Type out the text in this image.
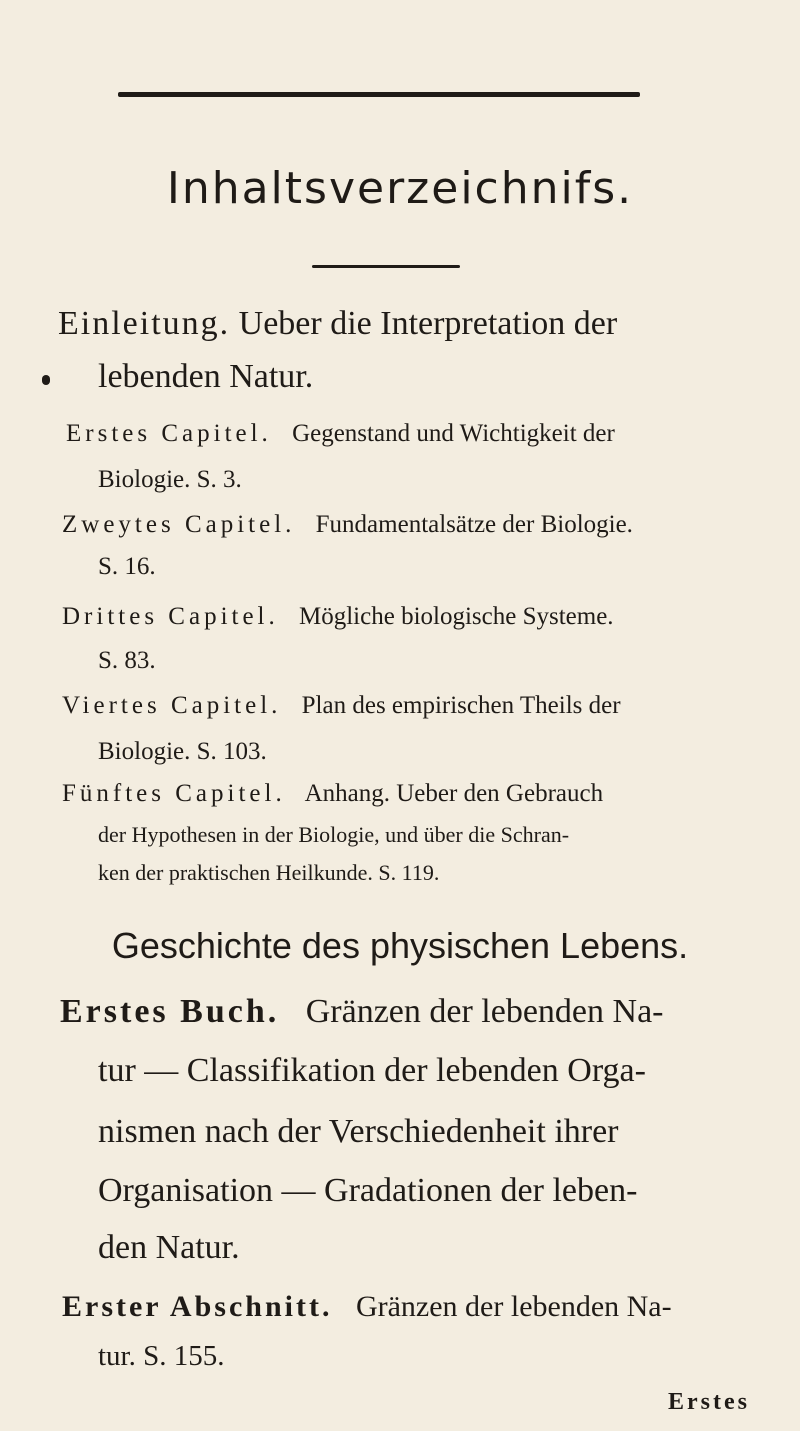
Inhaltsverzeichnifs.
Einleitung. Ueber die Interpretation der
lebenden Natur.
Erstes Capitel. Gegenstand und Wichtigkeit der
Biologie. S. 3.
Zweytes Capitel. Fundamentalsätze der Biologie.
S. 16.
Drittes Capitel. Mögliche biologische Systeme.
S. 83.
Viertes Capitel. Plan des empirischen Theils der
Biologie. S. 103.
Fünftes Capitel. Anhang. Ueber den Gebrauch
der Hypothesen in der Biologie, und über die Schran-
ken der praktischen Heilkunde. S. 119.
Geschichte des physischen Lebens.
Erstes Buch. Gränzen der lebenden Na-
tur — Classifikation der lebenden Orga-
nismen nach der Verschiedenheit ihrer
Organisation — Gradationen der leben-
den Natur.
Erster Abschnitt. Gränzen der lebenden Na-
tur. S. 155.
Erstes
